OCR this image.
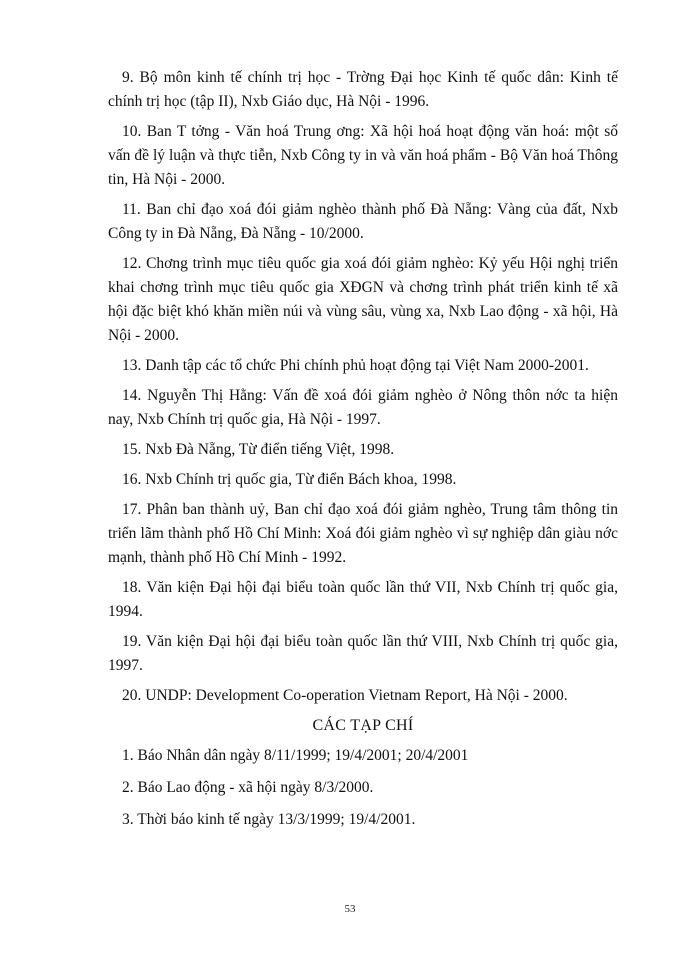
9. Bộ môn kinh tế chính trị học - Trờng Đại học Kinh tế quốc dân: Kinh tế chính trị học (tập II), Nxb Giáo dục, Hà Nội - 1996.

10. Ban T tởng - Văn hoá Trung ơng: Xã hội hoá hoạt động văn hoá: một số vấn đề lý luận và thực tiễn, Nxb Công ty in và văn hoá phẩm - Bộ Văn hoá Thông tin, Hà Nội - 2000.

11. Ban chỉ đạo xoá đói giảm nghèo thành phố Đà Nẵng: Vàng của đất, Nxb Công ty in Đà Nẵng, Đà Nẵng - 10/2000.

12. Chơng trình mục tiêu quốc gia xoá đói giảm nghèo: Kỷ yếu Hội nghị triển khai chơng trình mục tiêu quốc gia XĐGN và chơng trình phát triển kinh tế xã hội đặc biệt khó khăn miền núi và vùng sâu, vùng xa, Nxb Lao động - xã hội, Hà Nội - 2000.

13. Danh tập các tổ chức Phi chính phủ hoạt động tại Việt Nam 2000-2001.

14. Nguyễn Thị Hằng: Vấn đề xoá đói giảm nghèo ở Nông thôn nớc ta hiện nay, Nxb Chính trị quốc gia, Hà Nội - 1997.

15. Nxb Đà Nẵng, Từ điển tiếng Việt, 1998.

16. Nxb Chính trị quốc gia, Từ điển Bách khoa, 1998.

17. Phân ban thành uỷ, Ban chỉ đạo xoá đói giảm nghèo, Trung tâm thông tin triển lãm thành phố Hồ Chí Minh: Xoá đói giảm nghèo vì sự nghiệp dân giàu nớc mạnh, thành phố Hồ Chí Minh - 1992.

18. Văn kiện Đại hội đại biểu toàn quốc lần thứ VII, Nxb Chính trị quốc gia, 1994.

19. Văn kiện Đại hội đại biểu toàn quốc lần thứ VIII, Nxb Chính trị quốc gia, 1997.

20. UNDP: Development Co-operation Vietnam Report, Hà Nội - 2000.

CÁC TẠP CHÍ

1. Báo Nhân dân ngày 8/11/1999; 19/4/2001; 20/4/2001

2. Báo Lao động - xã hội ngày 8/3/2000.

3. Thời báo kinh tế ngày 13/3/1999; 19/4/2001.

53
